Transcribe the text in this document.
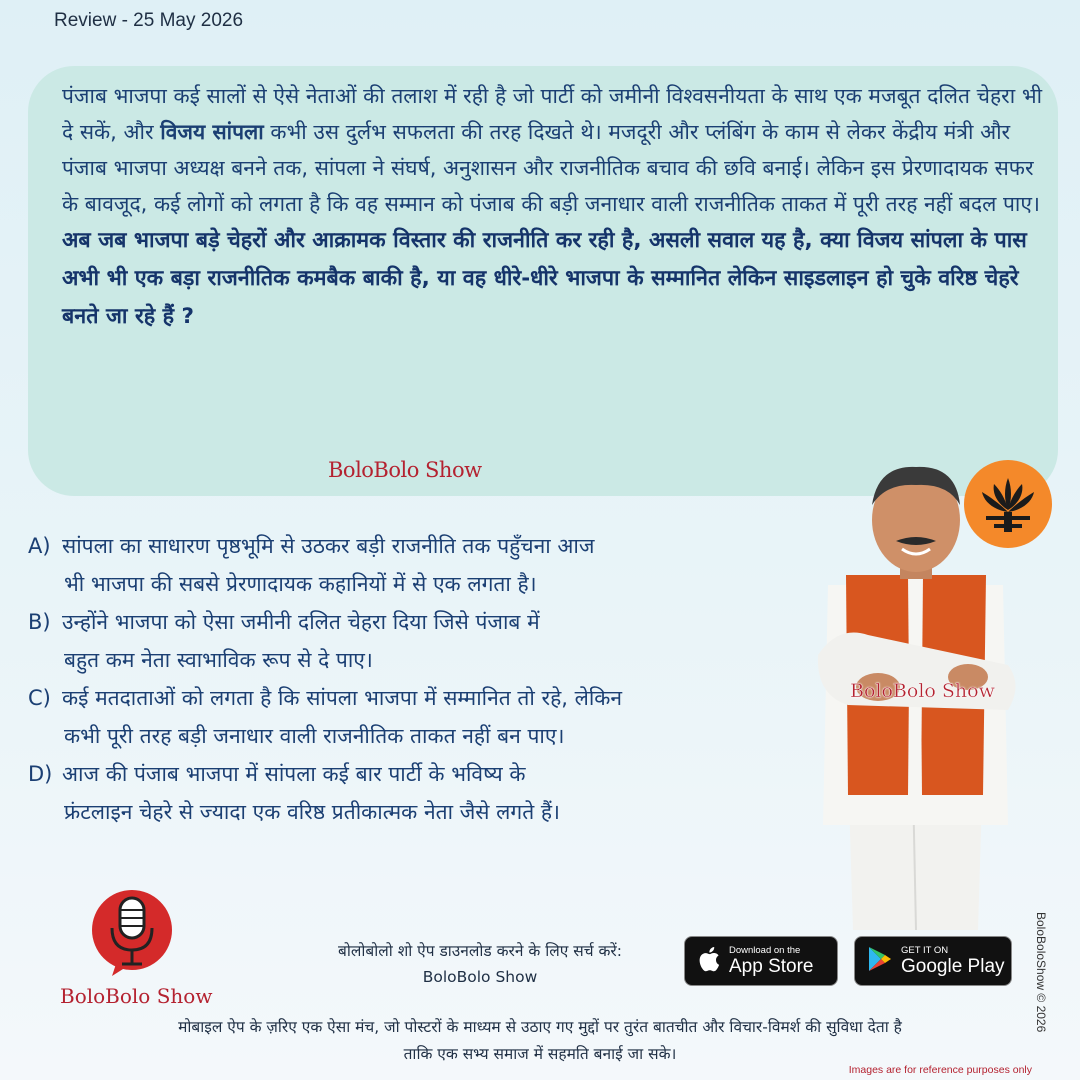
Review - 25 May 2026
पंजाब भाजपा कई सालों से ऐसे नेताओं की तलाश में रही है जो पार्टी को जमीनी विश्वसनीयता के साथ एक मजबूत दलित चेहरा भी दे सकें, और विजय सांपला कभी उस दुर्लभ सफलता की तरह दिखते थे। मजदूरी और प्लंबिंग के काम से लेकर केंद्रीय मंत्री और पंजाब भाजपा अध्यक्ष बनने तक, सांपला ने संघर्ष, अनुशासन और राजनीतिक बचाव की छवि बनाई। लेकिन इस प्रेरणादायक सफर के बावजूद, कई लोगों को लगता है कि वह सम्मान को पंजाब की बड़ी जनाधार वाली राजनीतिक ताकत में पूरी तरह नहीं बदल पाए।
अब जब भाजपा बड़े चेहरों और आक्रामक विस्तार की राजनीति कर रही है, असली सवाल यह है, क्या विजय सांपला के पास अभी भी एक बड़ा राजनीतिक कमबैक बाकी है, या वह धीरे-धीरे भाजपा के सम्मानित लेकिन साइडलाइन हो चुके वरिष्ठ चेहरे बनते जा रहे हैं ?
BoloBolo Show
A) सांपला का साधारण पृष्ठभूमि से उठकर बड़ी राजनीति तक पहुँचना आज
भी भाजपा की सबसे प्रेरणादायक कहानियों में से एक लगता है।
B) उन्होंने भाजपा को ऐसा जमीनी दलित चेहरा दिया जिसे पंजाब में
बहुत कम नेता स्वाभाविक रूप से दे पाए।
C) कई मतदाताओं को लगता है कि सांपला भाजपा में सम्मानित तो रहे, लेकिन
कभी पूरी तरह बड़ी जनाधार वाली राजनीतिक ताकत नहीं बन पाए।
D) आज की पंजाब भाजपा में सांपला कई बार पार्टी के भविष्य के
फ्रंटलाइन चेहरे से ज्यादा एक वरिष्ठ प्रतीकात्मक नेता जैसे लगते हैं।
BoloBolo Show
BoloBoloShow © 2026
BoloBolo Show
बोलोबोलो शो ऐप डाउनलोड करने के लिए सर्च करें:
BoloBolo Show
Download on the
App Store
GET IT ON
Google Play
मोबाइल ऐप के ज़रिए एक ऐसा मंच, जो पोस्टरों के माध्यम से उठाए गए मुद्दों पर तुरंत बातचीत और विचार-विमर्श की सुविधा देता है
ताकि एक सभ्य समाज में सहमति बनाई जा सके।
Images are for reference purposes only
